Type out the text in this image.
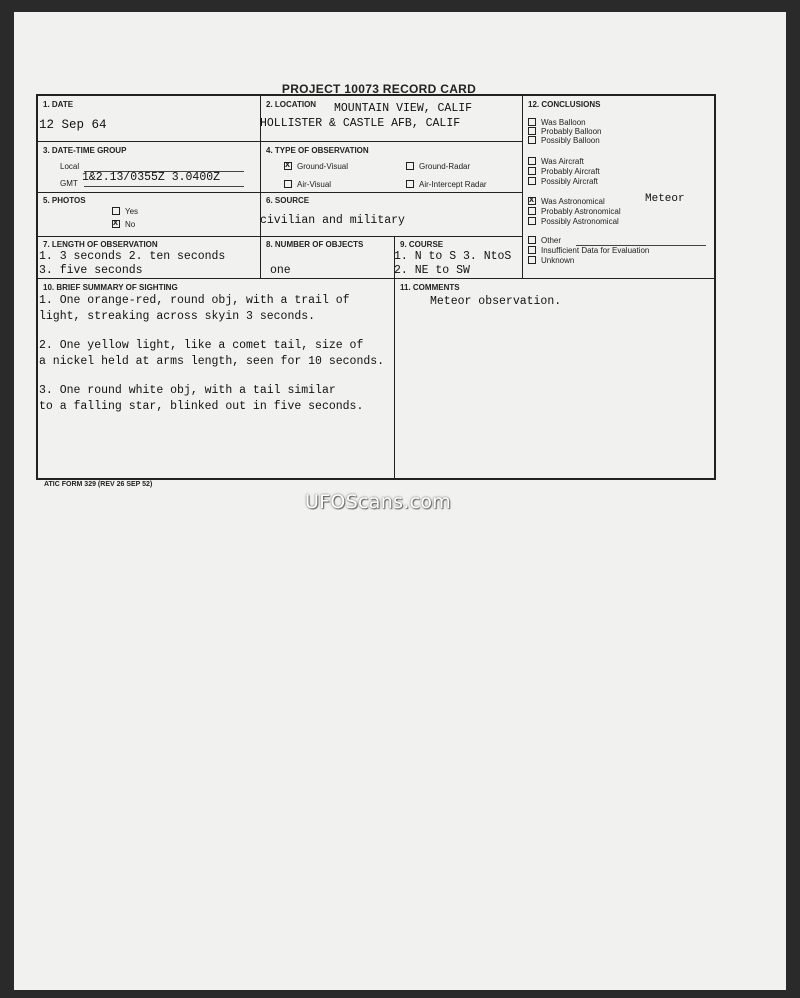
PROJECT 10073 RECORD CARD
1. DATE
12 Sep 64
2. LOCATION MOUNTAIN VIEW, CALIF
HOLLISTER & CASTLE AFB, CALIF
12. CONCLUSIONS
Was Balloon
Probably Balloon
Possibly Balloon
Was Aircraft
Probably Aircraft
Possibly Aircraft
xWas Astronomical	Meteor
Probably Astronomical
Possibly Astronomical
Other
Insufficient Data for Evaluation
Unknown
3. DATE-TIME GROUP
Local
GMT 1&2.13/0355Z 3.0400Z
4. TYPE OF OBSERVATION
xGround-Visual	Ground-Radar
Air-Visual	Air-Intercept Radar
5. PHOTOS
Yes
xNo
6. SOURCE
civilian and military
7. LENGTH OF OBSERVATION
1. 3 seconds 2. ten seconds
3. five seconds
8. NUMBER OF OBJECTS
one
9. COURSE
1. N to S 3. NtoS
2. NE to SW
10. BRIEF SUMMARY OF SIGHTING
1. One orange-red, round obj, with a trail of
light, streaking across skyin 3 seconds.
2. One yellow light, like a comet tail, size of
a nickel held at arms length, seen for 10 seconds.
3. One round white obj, with a tail similar
to a falling star, blinked out in five seconds.
11. COMMENTS
Meteor observation.
ATIC FORM 329 (REV 26 SEP 52)
UFOScans.com
